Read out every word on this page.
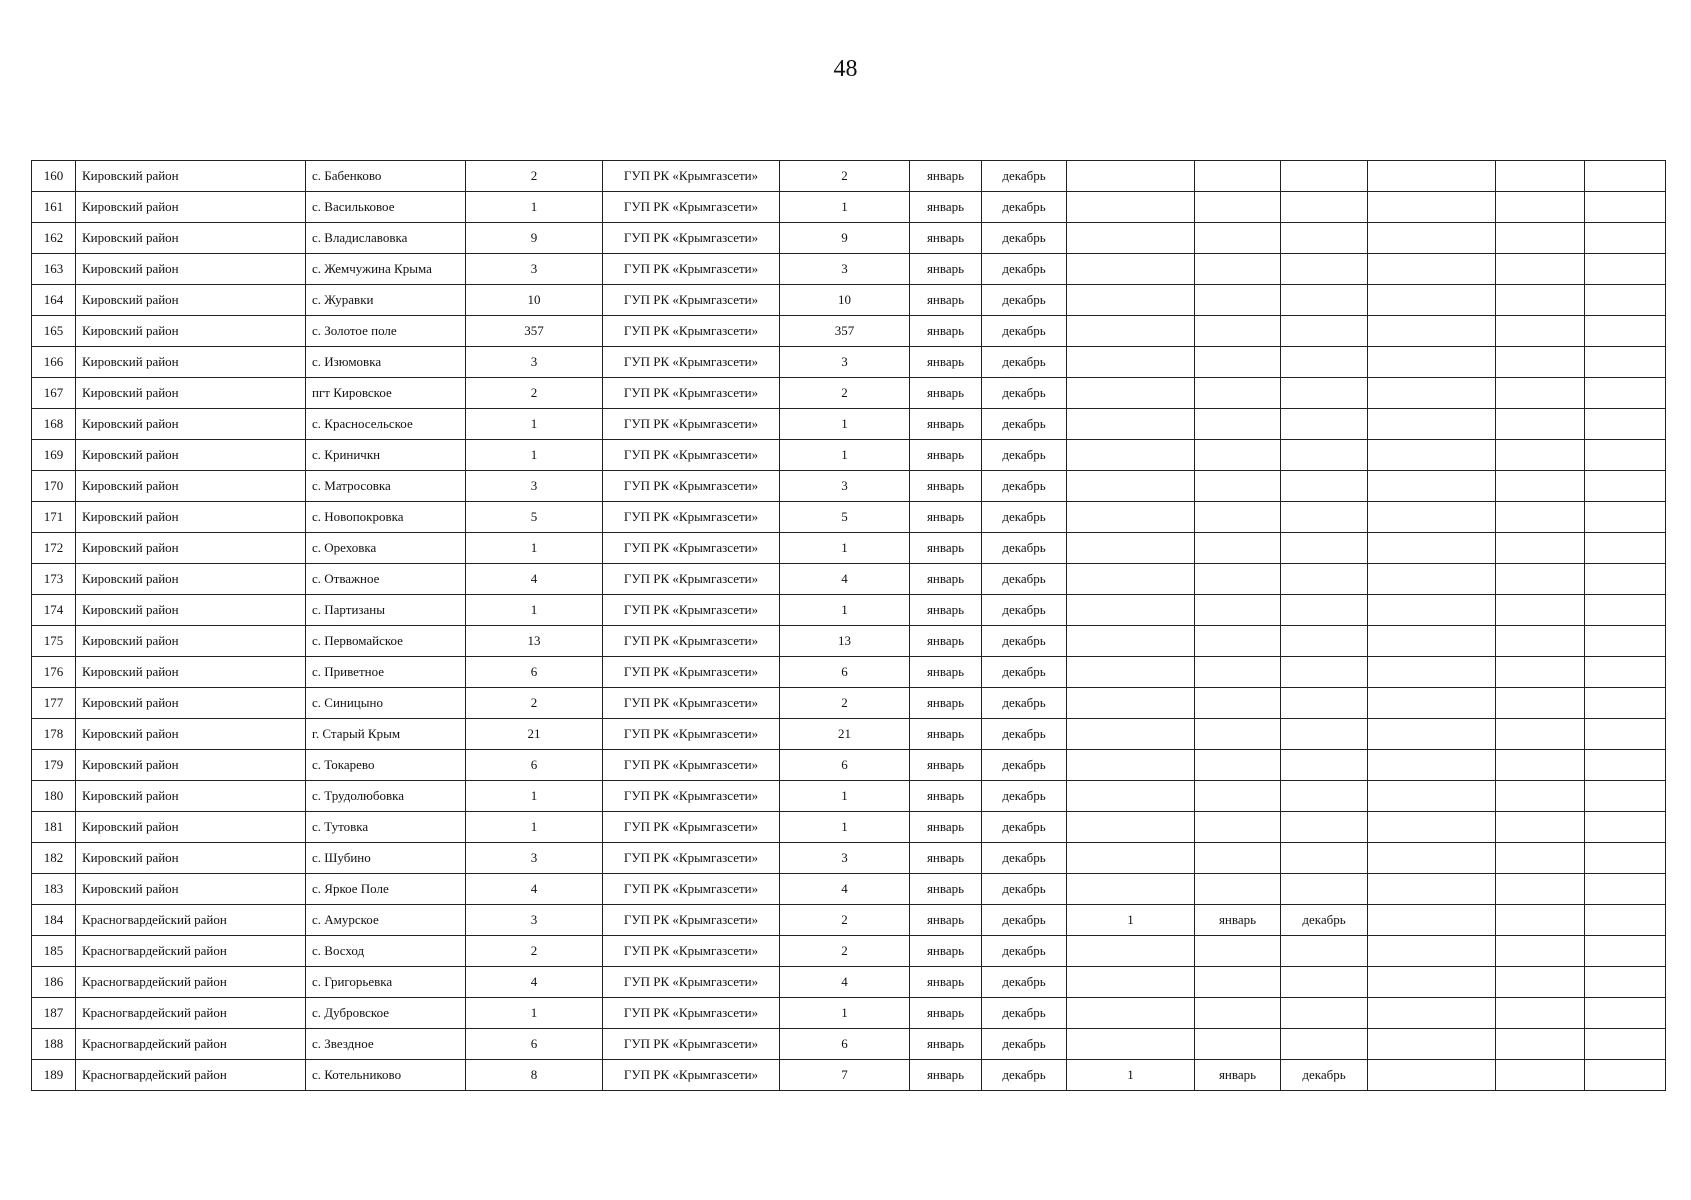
48
160	Кировский район	с. Бабенково	2	ГУП РК «Крымгазсети»	2	январь	декабрь						
161	Кировский район	с. Васильковое	1	ГУП РК «Крымгазсети»	1	январь	декабрь						
162	Кировский район	с. Владиславовка	9	ГУП РК «Крымгазсети»	9	январь	декабрь						
163	Кировский район	с. Жемчужина Крыма	3	ГУП РК «Крымгазсети»	3	январь	декабрь						
164	Кировский район	с. Журавки	10	ГУП РК «Крымгазсети»	10	январь	декабрь						
165	Кировский район	с. Золотое поле	357	ГУП РК «Крымгазсети»	357	январь	декабрь						
166	Кировский район	с. Изюмовка	3	ГУП РК «Крымгазсети»	3	январь	декабрь						
167	Кировский район	пгт Кировское	2	ГУП РК «Крымгазсети»	2	январь	декабрь						
168	Кировский район	с. Красносельское	1	ГУП РК «Крымгазсети»	1	январь	декабрь						
169	Кировский район	с. Криничкн	1	ГУП РК «Крымгазсети»	1	январь	декабрь						
170	Кировский район	с. Матросовка	3	ГУП РК «Крымгазсети»	3	январь	декабрь						
171	Кировский район	с. Новопокровка	5	ГУП РК «Крымгазсети»	5	январь	декабрь						
172	Кировский район	с. Ореховка	1	ГУП РК «Крымгазсети»	1	январь	декабрь						
173	Кировский район	с. Отважное	4	ГУП РК «Крымгазсети»	4	январь	декабрь						
174	Кировский район	с. Партизаны	1	ГУП РК «Крымгазсети»	1	январь	декабрь						
175	Кировский район	с. Первомайское	13	ГУП РК «Крымгазсети»	13	январь	декабрь						
176	Кировский район	с. Приветное	6	ГУП РК «Крымгазсети»	6	январь	декабрь						
177	Кировский район	с. Синицыно	2	ГУП РК «Крымгазсети»	2	январь	декабрь						
178	Кировский район	г. Старый Крым	21	ГУП РК «Крымгазсети»	21	январь	декабрь						
179	Кировский район	с. Токарево	6	ГУП РК «Крымгазсети»	6	январь	декабрь						
180	Кировский район	с. Трудолюбовка	1	ГУП РК «Крымгазсети»	1	январь	декабрь						
181	Кировский район	с. Тутовка	1	ГУП РК «Крымгазсети»	1	январь	декабрь						
182	Кировский район	с. Шубино	3	ГУП РК «Крымгазсети»	3	январь	декабрь						
183	Кировский район	с. Яркое Поле	4	ГУП РК «Крымгазсети»	4	январь	декабрь						
184	Красногвардейский район	с. Амурское	3	ГУП РК «Крымгазсети»	2	январь	декабрь	1	январь	декабрь			
185	Красногвардейский район	с. Восход	2	ГУП РК «Крымгазсети»	2	январь	декабрь						
186	Красногвардейский район	с. Григорьевка	4	ГУП РК «Крымгазсети»	4	январь	декабрь						
187	Красногвардейский район	с. Дубровское	1	ГУП РК «Крымгазсети»	1	январь	декабрь						
188	Красногвардейский район	с. Звездное	6	ГУП РК «Крымгазсети»	6	январь	декабрь						
189	Красногвардейский район	с. Котельниково	8	ГУП РК «Крымгазсети»	7	январь	декабрь	1	январь	декабрь			
